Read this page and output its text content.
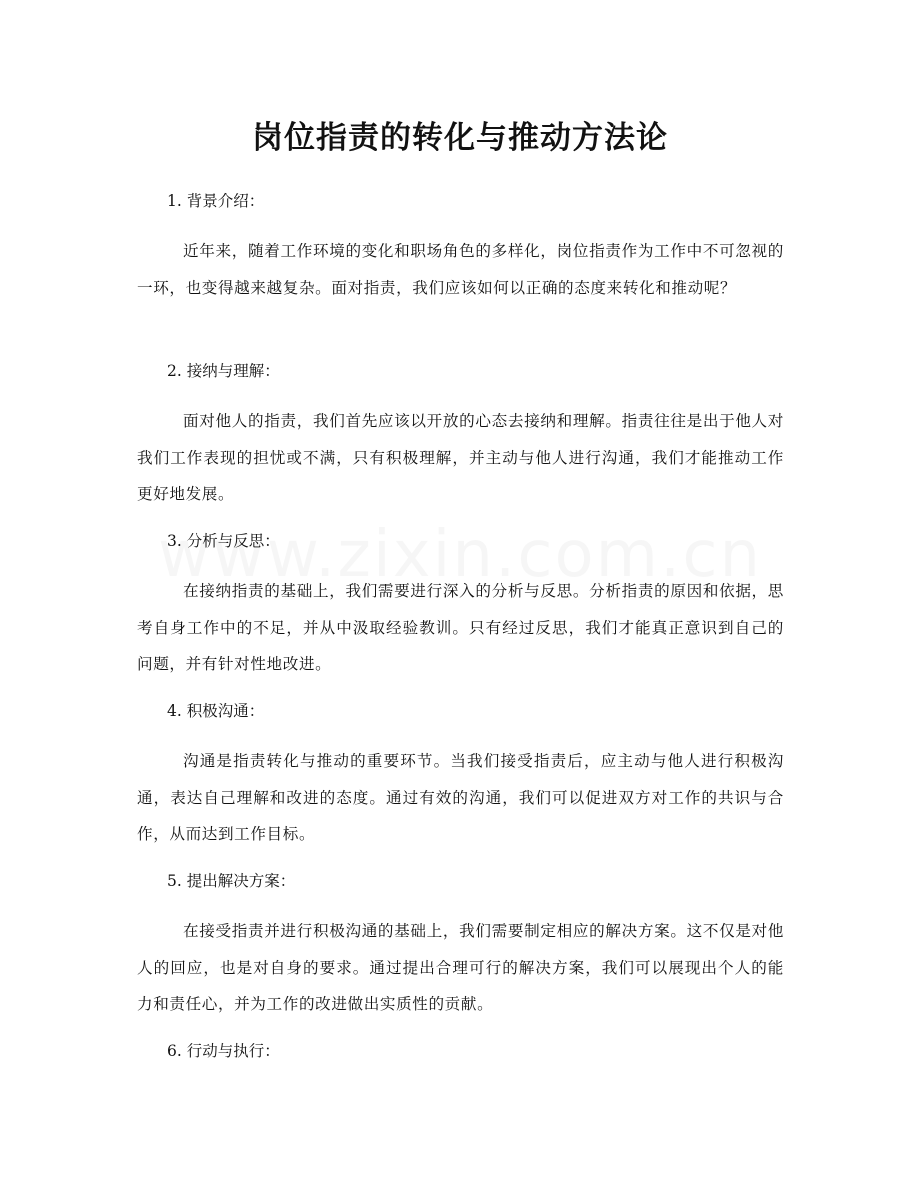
岗位指责的转化与推动方法论

1. 背景介绍：

近年来，随着工作环境的变化和职场角色的多样化，岗位指责作为工作中不可忽视的一环，也变得越来越复杂。面对指责，我们应该如何以正确的态度来转化和推动呢？

2. 接纳与理解：

面对他人的指责，我们首先应该以开放的心态去接纳和理解。指责往往是出于他人对我们工作表现的担忧或不满，只有积极理解，并主动与他人进行沟通，我们才能推动工作更好地发展。

3. 分析与反思：

在接纳指责的基础上，我们需要进行深入的分析与反思。分析指责的原因和依据，思考自身工作中的不足，并从中汲取经验教训。只有经过反思，我们才能真正意识到自己的问题，并有针对性地改进。

4. 积极沟通：

沟通是指责转化与推动的重要环节。当我们接受指责后，应主动与他人进行积极沟通，表达自己理解和改进的态度。通过有效的沟通，我们可以促进双方对工作的共识与合作，从而达到工作目标。

5. 提出解决方案：

在接受指责并进行积极沟通的基础上，我们需要制定相应的解决方案。这不仅是对他人的回应，也是对自身的要求。通过提出合理可行的解决方案，我们可以展现出个人的能力和责任心，并为工作的改进做出实质性的贡献。

6. 行动与执行：
